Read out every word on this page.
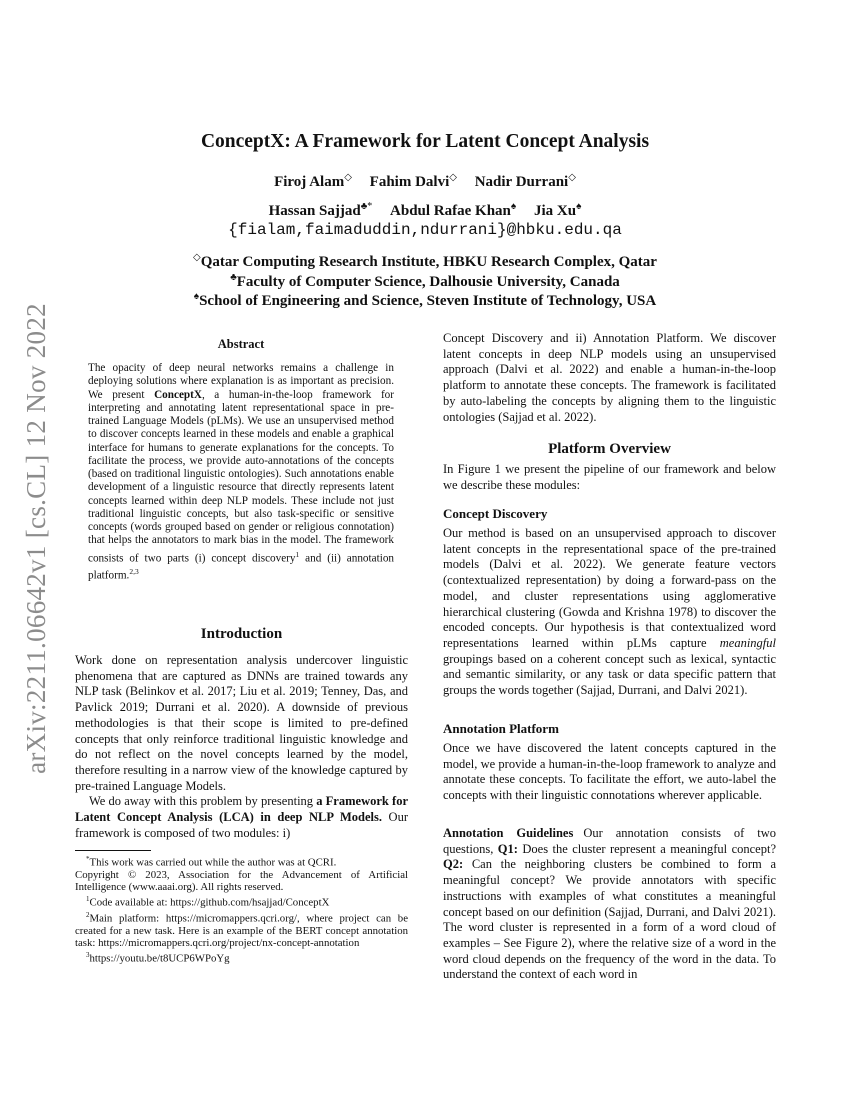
arXiv:2211.06642v1 [cs.CL] 12 Nov 2022
ConceptX: A Framework for Latent Concept Analysis
Firoj Alam◇ Fahim Dalvi◇ Nadir Durrani◇
Hassan Sajjad♣* Abdul Rafae Khan♠ Jia Xu♠
{fialam,faimaduddin,ndurrani}@hbku.edu.qa
◇Qatar Computing Research Institute, HBKU Research Complex, Qatar
♣Faculty of Computer Science, Dalhousie University, Canada
♠School of Engineering and Science, Steven Institute of Technology, USA
Abstract

The opacity of deep neural networks remains a challenge in deploying solutions where explanation is as important as precision. We present ConceptX, a human-in-the-loop framework for interpreting and annotating latent representational space in pre-trained Language Models (pLMs). We use an unsupervised method to discover concepts learned in these models and enable a graphical interface for humans to generate explanations for the concepts. To facilitate the process, we provide auto-annotations of the concepts (based on traditional linguistic ontologies). Such annotations enable development of a linguistic resource that directly represents latent concepts learned within deep NLP models. These include not just traditional linguistic concepts, but also task-specific or sensitive concepts (words grouped based on gender or religious connotation) that helps the annotators to mark bias in the model. The framework consists of two parts (i) concept discovery$^1$ and (ii) annotation platform.$^{2,3}$

Introduction

Work done on representation analysis undercover linguistic phenomena that are captured as DNNs are trained towards any NLP task (Belinkov et al. 2017; Liu et al. 2019; Tenney, Das, and Pavlick 2019; Durrani et al. 2020). A downside of previous methodologies is that their scope is limited to pre-defined concepts that only reinforce traditional linguistic knowledge and do not reflect on the novel concepts learned by the model, therefore resulting in a narrow view of the knowledge captured by pre-trained Language Models.

We do away with this problem by presenting a Framework for Latent Concept Analysis (LCA) in deep NLP Models. Our framework is composed of two modules: i)

*This work was carried out while the author was at QCRI.

Copyright © 2023, Association for the Advancement of Artificial Intelligence (www.aaai.org). All rights reserved.

$^1$Code available at: https://github.com/hsajjad/ConceptX

$^2$Main platform: https://micromappers.qcri.org/, where project can be created for a new task. Here is an example of the BERT concept annotation task: https://micromappers.qcri.org/project/nx-concept-annotation

$^3$https://youtu.be/t8UCP6WPoYg

Concept Discovery and ii) Annotation Platform. We discover latent concepts in deep NLP models using an unsupervised approach (Dalvi et al. 2022) and enable a human-in-the-loop platform to annotate these concepts. The framework is facilitated by auto-labeling the concepts by aligning them to the linguistic ontologies (Sajjad et al. 2022).

Platform Overview

In Figure 1 we present the pipeline of our framework and below we describe these modules:

Concept Discovery

Our method is based on an unsupervised approach to discover latent concepts in the representational space of the pre-trained models (Dalvi et al. 2022). We generate feature vectors (contextualized representation) by doing a forward-pass on the model, and cluster representations using agglomerative hierarchical clustering (Gowda and Krishna 1978) to discover the encoded concepts. Our hypothesis is that contextualized word representations learned within pLMs capture meaningful groupings based on a coherent concept such as lexical, syntactic and semantic similarity, or any task or data specific pattern that groups the words together (Sajjad, Durrani, and Dalvi 2021).

Annotation Platform

Once we have discovered the latent concepts captured in the model, we provide a human-in-the-loop framework to analyze and annotate these concepts. To facilitate the effort, we auto-label the concepts with their linguistic connotations wherever applicable.

Annotation Guidelines Our annotation consists of two questions, Q1: Does the cluster represent a meaningful concept? Q2: Can the neighboring clusters be combined to form a meaningful concept? We provide annotators with specific instructions with examples of what constitutes a meaningful concept based on our definition (Sajjad, Durrani, and Dalvi 2021). The word cluster is represented in a form of a word cloud of examples – See Figure 2), where the relative size of a word in the word cloud depends on the frequency of the word in the data. To understand the context of each word in
